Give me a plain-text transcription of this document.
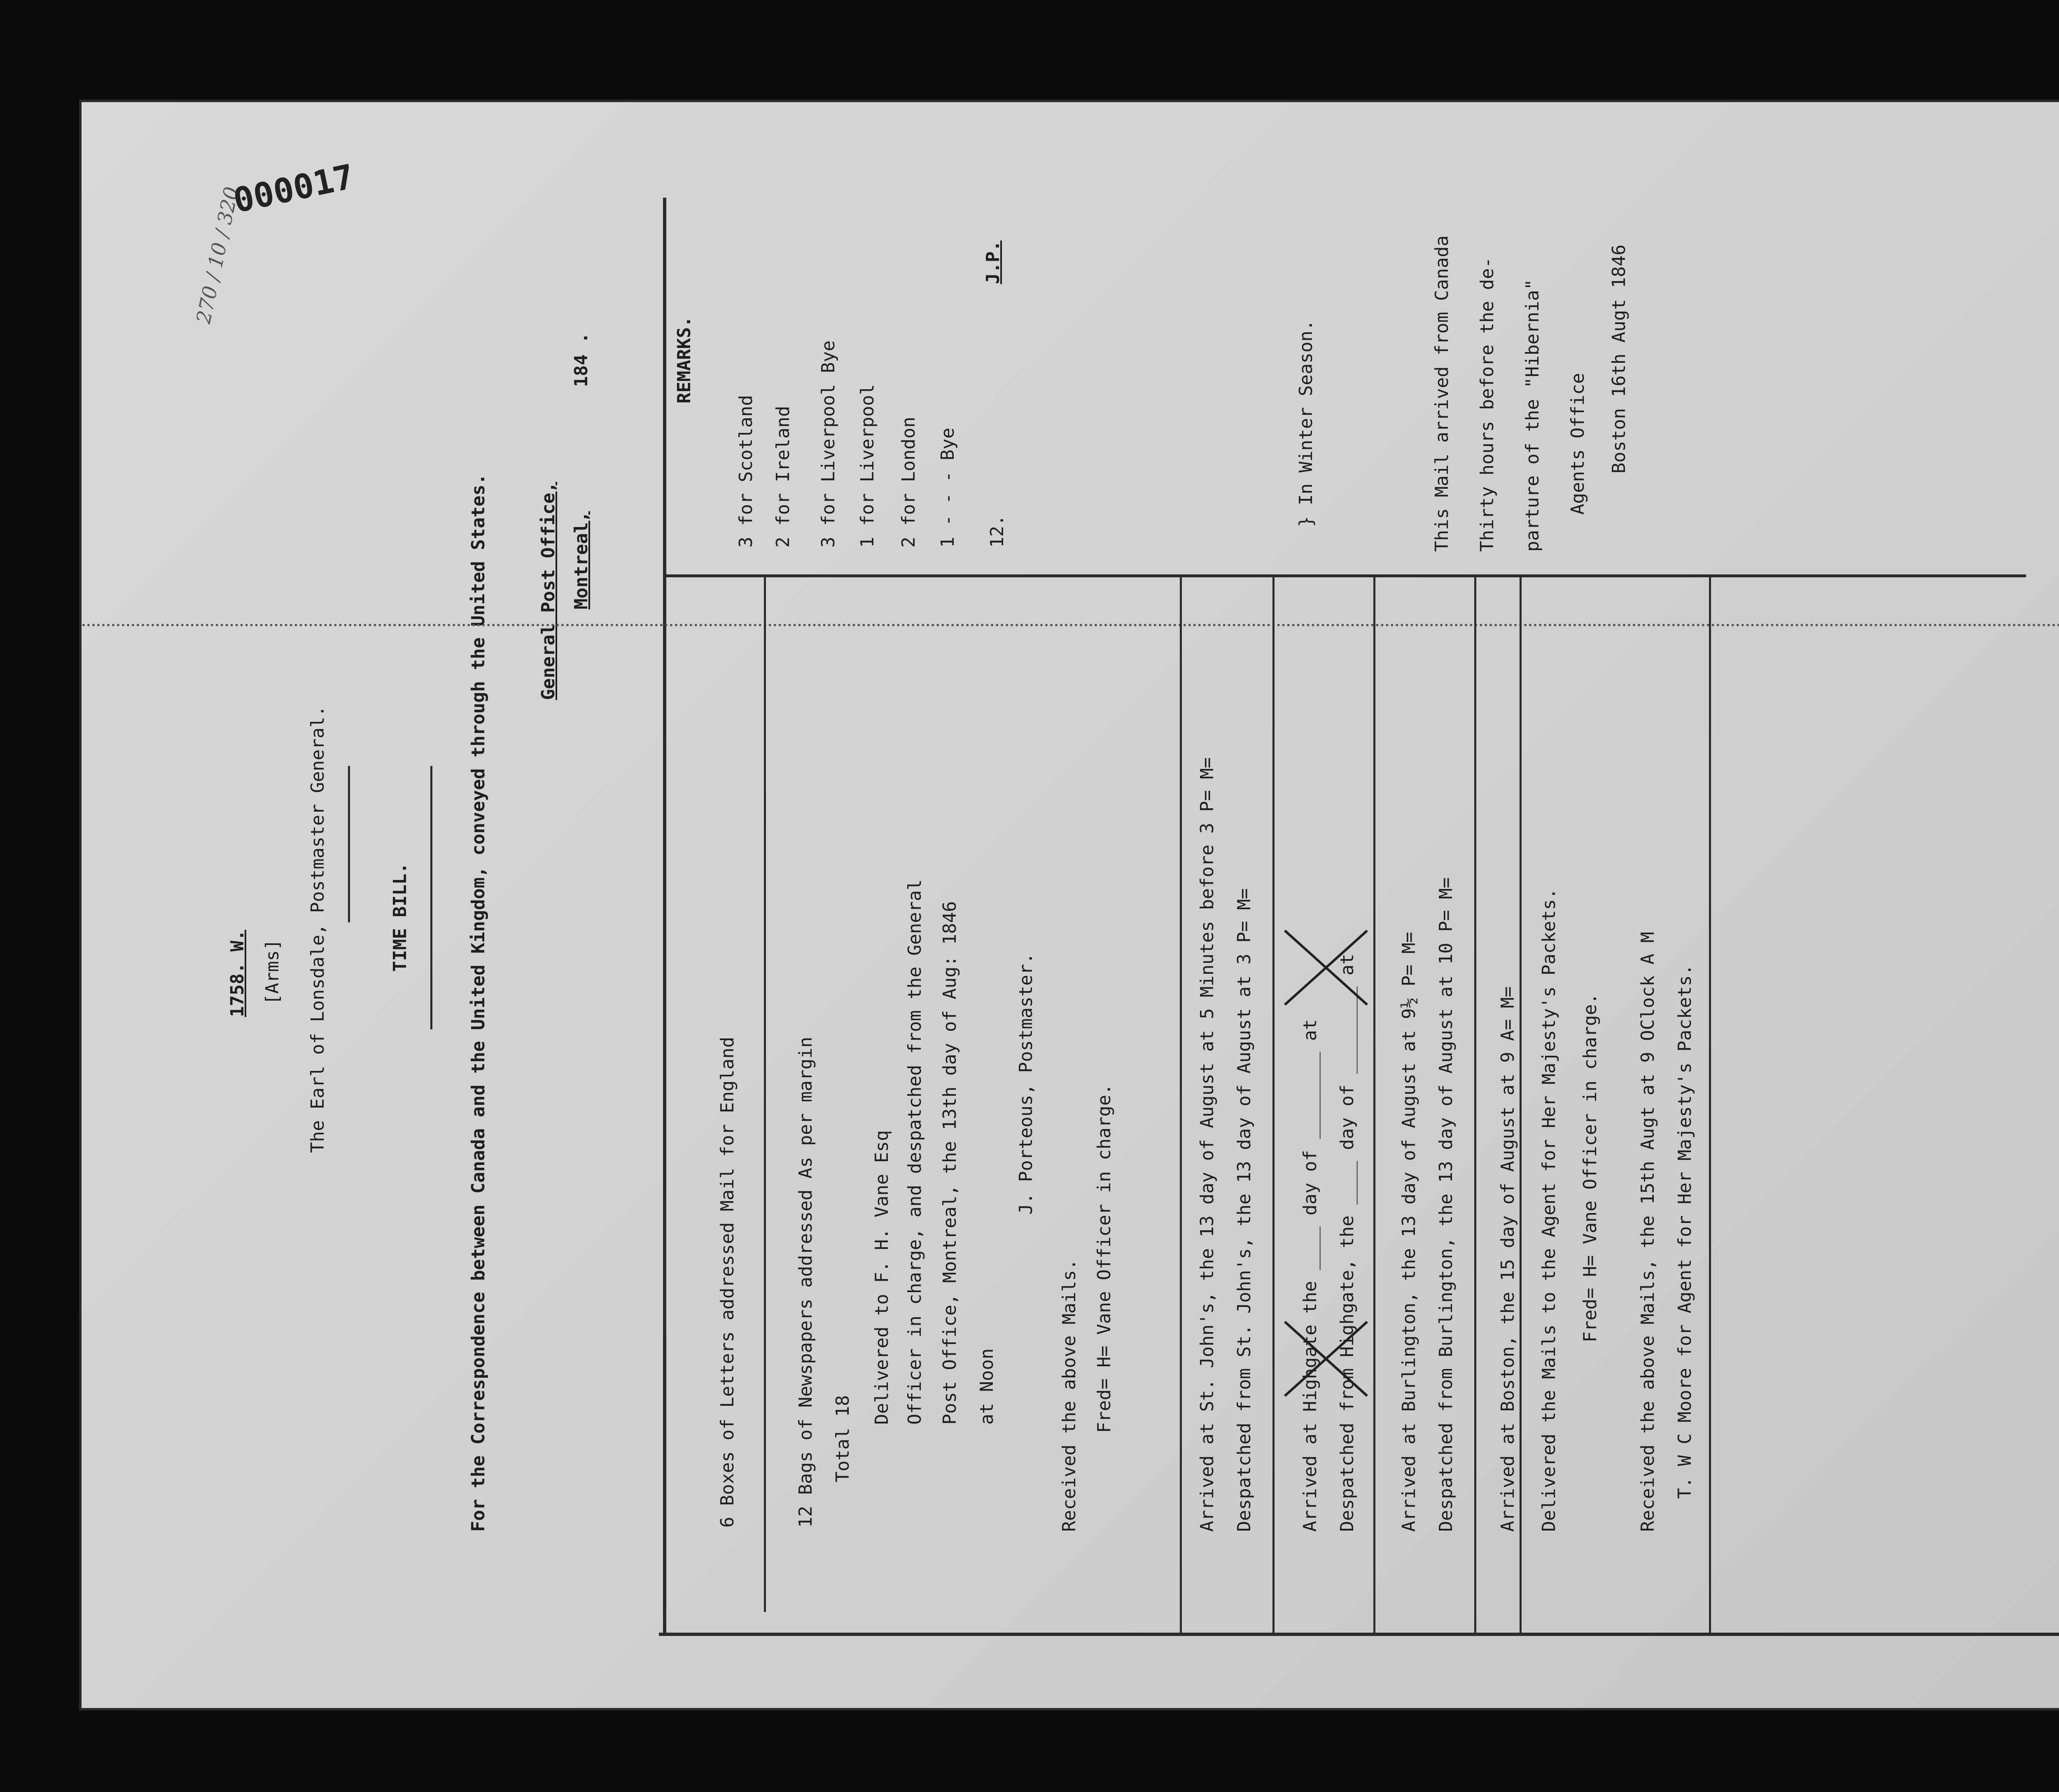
270 / 10 / 320
000017
1758. W. [Arms] The Earl of Lonsdale, Postmaster General.	TIME BILL.	For the Correspondence between Canada and the United Kingdom, conveyed through the United States.	General Post Office, Montreal,
184 .
6 Boxes of Letters addressed Mail for England	12 Bags of Newspapers addressed As per margin Total 18
Delivered to F. H. Vane Esq Officer in charge, and despatched from the General Post Office, Montreal, the 13th day of Aug: 1846 at Noon
J. Porteous, Postmaster.
Received the above Mails. Fred= H= Vane Officer in charge.	Arrived at St. John's, the 13 day of August at 5 Minutes before 3 P= M= Despatched from St. John's, the 13 day of August at 3 P= M= Arrived at Highgate the ____ day of ________ at Despatched from Highgate, the ____ day of ________ at Arrived at Burlington, the 13 day of August at 9½ P= M= Despatched from Burlington, the 13 day of August at 10 P= M= Arrived at Boston, the 15 day of August at 9 A= M= Delivered the Mails to the Agent for Her Majesty's Packets. Fred= H= Vane Officer in charge. Received the above Mails, the 15th Augt at 9 OClock A M T. W C Moore for Agent for Her Majesty's Packets.
REMARKS.
3 for Scotland 2 for Ireland 3 for Liverpool Bye 1 for Liverpool 2 for London 1 - - - Bye 12.
J.P.
} In Winter Season.	This Mail arrived from Canada Thirty hours before the de- parture of the "Hibernia" Agents Office Boston 16th Augt 1846
